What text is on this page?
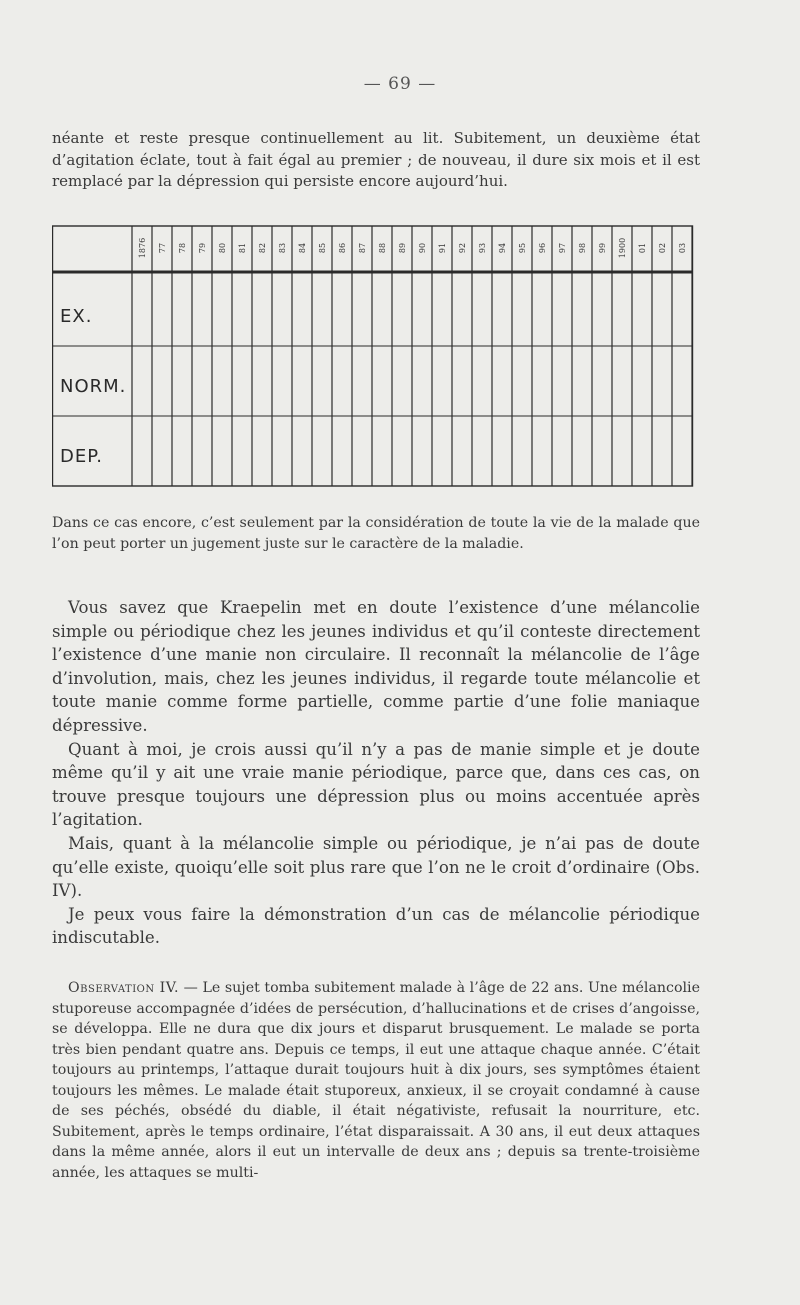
— 69 —

néante et reste presque continuellement au lit. Subitement, un deuxième état d’agitation éclate, tout à fait égal au premier ; de nouveau, il dure six mois et il est remplacé par la dépression qui persiste encore aujourd’hui.

1876 77 78 79 80 81 82 83 84 85 86 87 88 89 90 91 92 93 94 95 96 97 98 99 1900 01 02 03
EX.
NORM.
DEP.

Dans ce cas encore, c’est seulement par la considération de toute la vie de la malade que l’on peut porter un jugement juste sur le caractère de la maladie.

Vous savez que Kraepelin met en doute l’existence d’une mélancolie simple ou périodique chez les jeunes individus et qu’il conteste directement l’existence d’une manie non circulaire. Il reconnaît la mélancolie de l’âge d’involution, mais, chez les jeunes individus, il regarde toute mélancolie et toute manie comme forme partielle, comme partie d’une folie maniaque dépressive.

Quant à moi, je crois aussi qu’il n’y a pas de manie simple et je doute même qu’il y ait une vraie manie périodique, parce que, dans ces cas, on trouve presque toujours une dépression plus ou moins accentuée après l’agitation.

Mais, quant à la mélancolie simple ou périodique, je n’ai pas de doute qu’elle existe, quoiqu’elle soit plus rare que l’on ne le croit d’ordinaire (Obs. IV).

Je peux vous faire la démonstration d’un cas de mélancolie périodique indiscutable.

Observation IV. — Le sujet tomba subitement malade à l’âge de 22 ans. Une mélancolie stuporeuse accompagnée d’idées de persécution, d’hallucinations et de crises d’angoisse, se développa. Elle ne dura que dix jours et disparut brusquement. Le malade se porta très bien pendant quatre ans. Depuis ce temps, il eut une attaque chaque année. C’était toujours au printemps, l’attaque durait toujours huit à dix jours, ses symptômes étaient toujours les mêmes. Le malade était stuporeux, anxieux, il se croyait condamné à cause de ses péchés, obsédé du diable, il était négativiste, refusait la nourriture, etc. Subitement, après le temps ordinaire, l’état disparaissait. A 30 ans, il eut deux attaques dans la même année, alors il eut un intervalle de deux ans ; depuis sa trente-troisième année, les attaques se multi-
